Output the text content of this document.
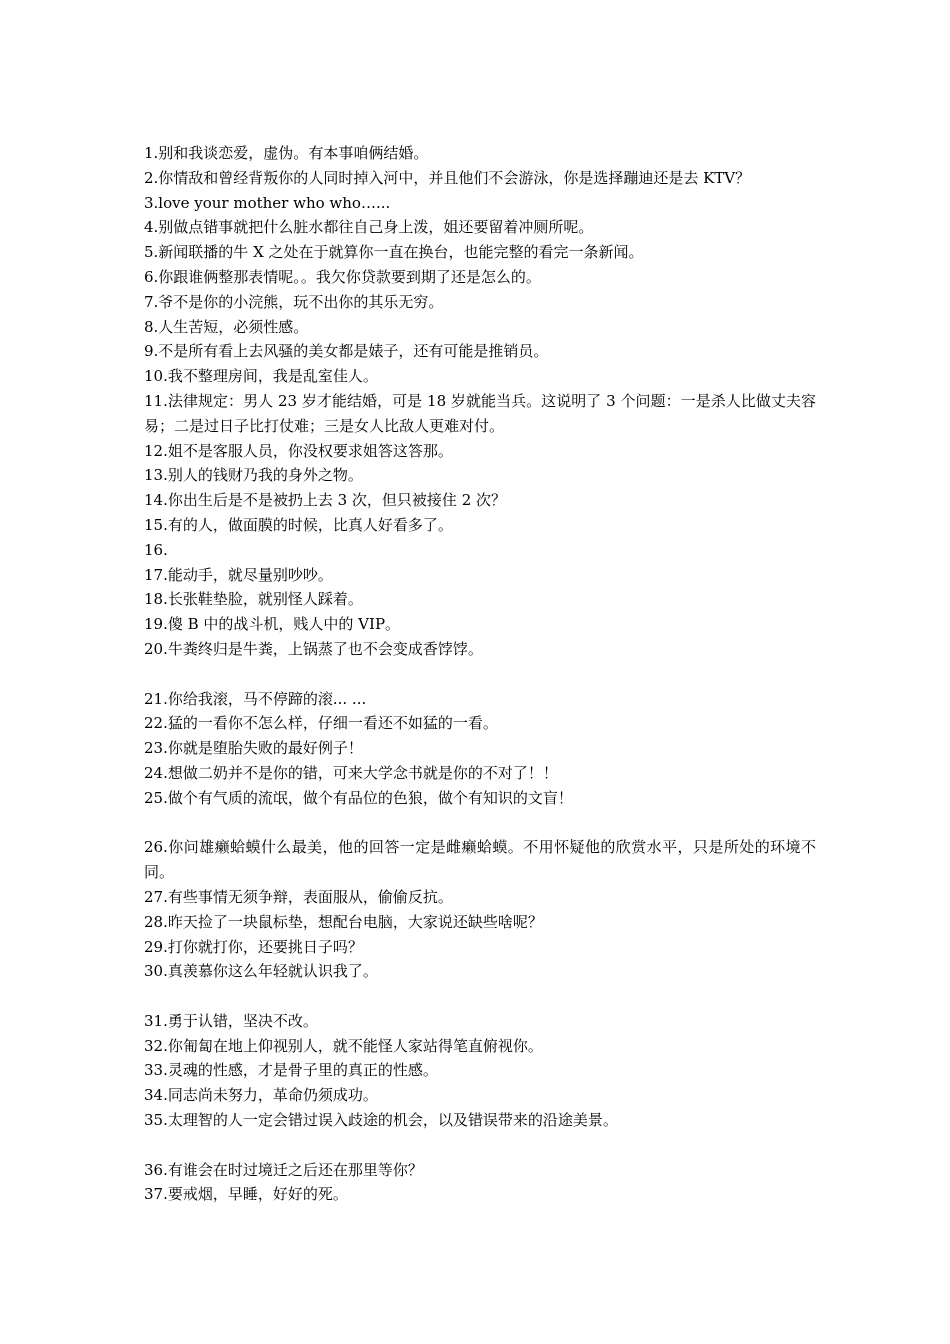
1.别和我谈恋爱，虚伪。有本事咱俩结婚。
2.你情敌和曾经背叛你的人同时掉入河中，并且他们不会游泳，你是选择蹦迪还是去 KTV？
3.love your mother who who…...
4.别做点错事就把什么脏水都往自己身上泼，姐还要留着冲厕所呢。
5.新闻联播的牛 X 之处在于就算你一直在换台，也能完整的看完一条新闻。
6.你跟谁俩整那表情呢。。我欠你贷款要到期了还是怎么的。
7.爷不是你的小浣熊，玩不出你的其乐无穷。
8.人生苦短，必须性感。
9.不是所有看上去风骚的美女都是婊子，还有可能是推销员。
10.我不整理房间，我是乱室佳人。
11.法律规定：男人 23 岁才能结婚，可是 18 岁就能当兵。这说明了 3 个问题：一是杀人比做丈夫容易；二是过日子比打仗难；三是女人比敌人更难对付。
12.姐不是客服人员，你没权要求姐答这答那。
13.别人的钱财乃我的身外之物。
14.你出生后是不是被扔上去 3 次，但只被接住 2 次？
15.有的人，做面膜的时候，比真人好看多了。
16.
17.能动手，就尽量别吵吵。
18.长张鞋垫脸，就别怪人踩着。
19.傻 B 中的战斗机，贱人中的 VIP。
20.牛粪终归是牛粪，上锅蒸了也不会变成香饽饽。
21.你给我滚，马不停蹄的滚... ...
22.猛的一看你不怎么样，仔细一看还不如猛的一看。
23.你就是堕胎失败的最好例子！
24.想做二奶并不是你的错，可来大学念书就是你的不对了！！
25.做个有气质的流氓，做个有品位的色狼，做个有知识的文盲！
26.你问雄癞蛤蟆什么最美，他的回答一定是雌癞蛤蟆。不用怀疑他的欣赏水平，只是所处的环境不同。
27.有些事情无须争辩，表面服从，偷偷反抗。
28.昨天捡了一块鼠标垫，想配台电脑，大家说还缺些啥呢？
29.打你就打你，还要挑日子吗？
30.真羡慕你这么年轻就认识我了。
31.勇于认错，坚决不改。
32.你匍匐在地上仰视别人，就不能怪人家站得笔直俯视你。
33.灵魂的性感，才是骨子里的真正的性感。
34.同志尚未努力，革命仍须成功。
35.太理智的人一定会错过误入歧途的机会，以及错误带来的沿途美景。
36.有谁会在时过境迁之后还在那里等你？
37.要戒烟，早睡，好好的死。
